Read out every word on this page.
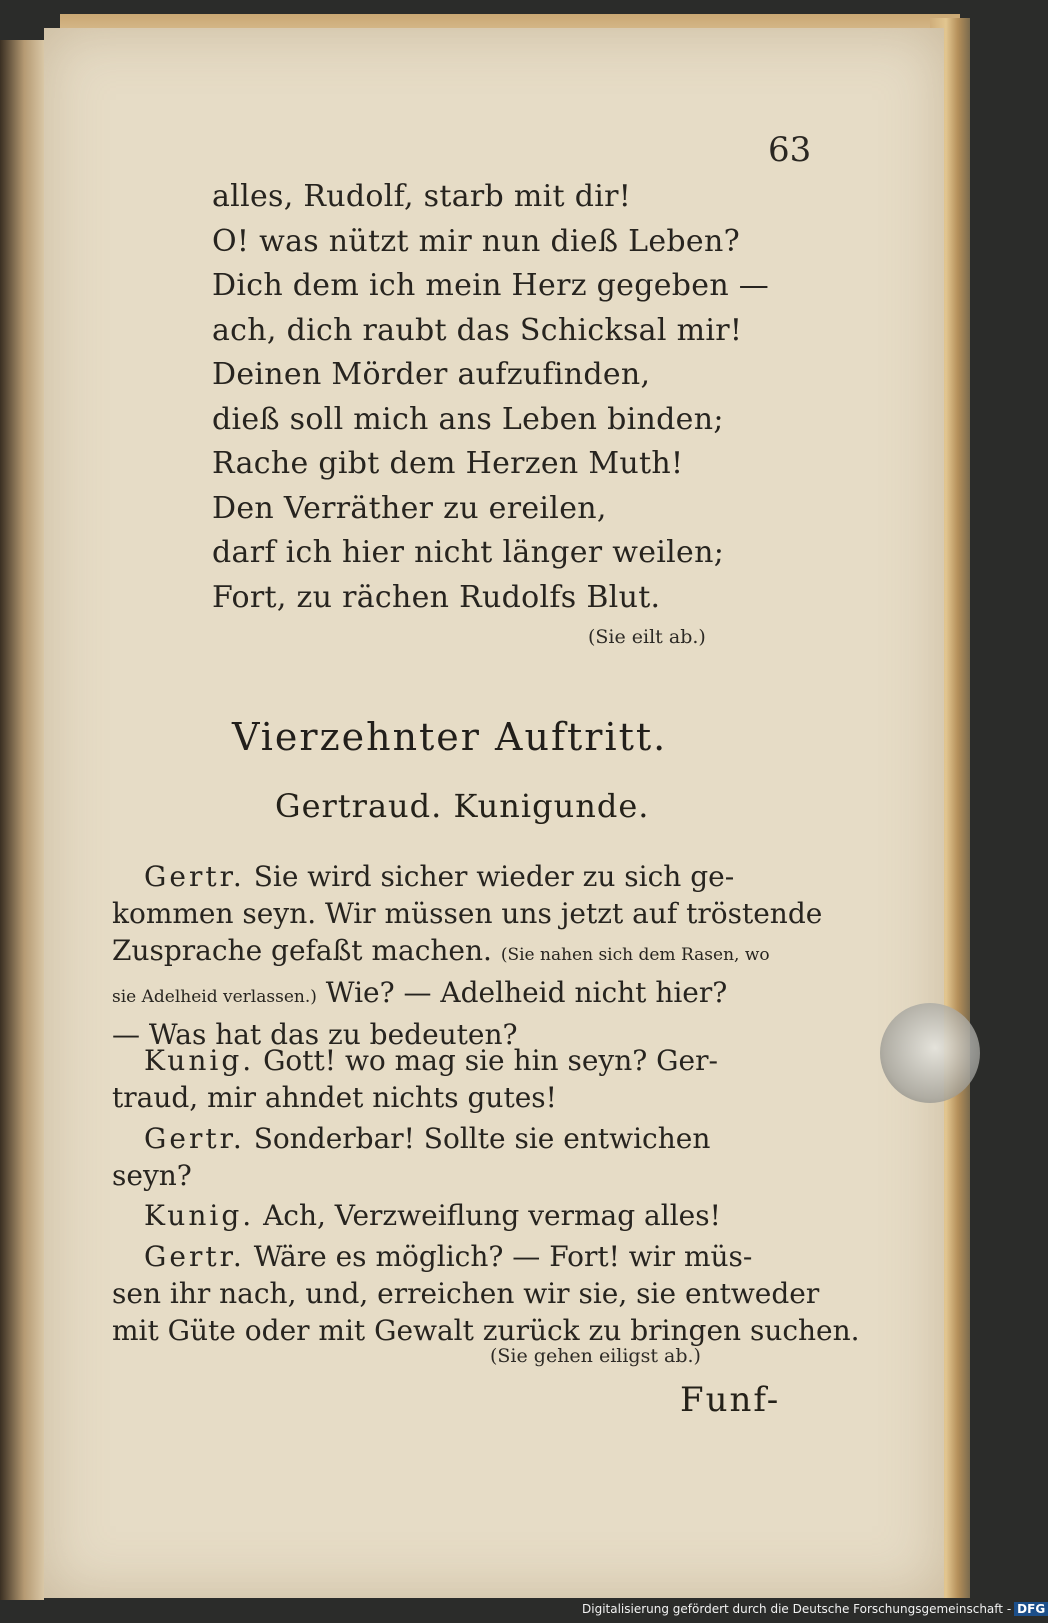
63
alles, Rudolf, starb mit dir!
O! was nützt mir nun dieß Leben?
Dich dem ich mein Herz gegeben —
ach, dich raubt das Schicksal mir!
Deinen Mörder aufzufinden,
dieß soll mich ans Leben binden;
Rache gibt dem Herzen Muth!
Den Verräther zu ereilen,
darf ich hier nicht länger weilen;
Fort, zu rächen Rudolfs Blut.
(Sie eilt ab.)
Vierzehnter Auftritt.
Gertraud. Kunigunde.
Gertr. Sie wird sicher wieder zu sich ge-
kommen seyn. Wir müssen uns jetzt auf tröstende
Zusprache gefaßt machen. (Sie nahen sich dem Rasen, wo
sie Adelheid verlassen.) Wie? — Adelheid nicht hier?
— Was hat das zu bedeuten?
Kunig. Gott! wo mag sie hin seyn? Ger-
traud, mir ahndet nichts gutes!
Gertr. Sonderbar! Sollte sie entwichen
seyn?
Kunig. Ach, Verzweiflung vermag alles!
Gertr. Wäre es möglich? — Fort! wir müs-
sen ihr nach, und, erreichen wir sie, sie entweder
mit Güte oder mit Gewalt zurück zu bringen suchen.
(Sie gehen eiligst ab.)
Funf-
Digitalisierung gefördert durch die Deutsche Forschungsgemeinschaft - DFG
